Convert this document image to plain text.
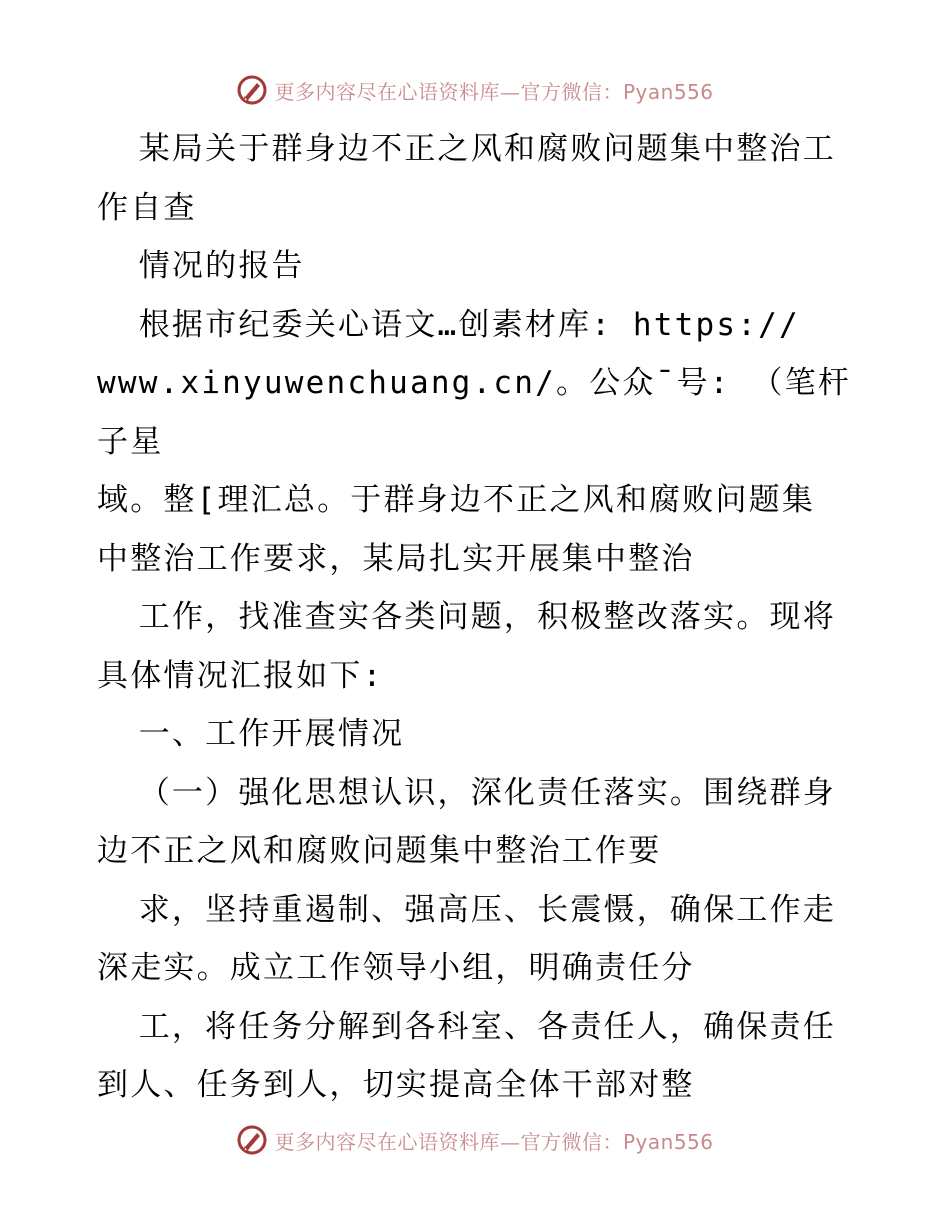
更多内容尽在心语资料库—官方微信：Pyan556

某局关于群身边不正之风和腐败问题集中整治工

作自查

情况的报告

根据市纪委关心语文…创素材库: https://

www.xinyuwenchuang.cn/。公众¯号: （笔杆子星

域。整[理汇总。于群身边不正之风和腐败问题集

中整治工作要求，某局扎实开展集中整治

工作，找准查实各类问题，积极整改落实。现将

具体情况汇报如下:

一、工作开展情况

（一）强化思想认识，深化责任落实。围绕群身

边不正之风和腐败问题集中整治工作要

求，坚持重遏制、强高压、长震慑，确保工作走

深走实。成立工作领导小组，明确责任分

工，将任务分解到各科室、各责任人，确保责任

到人、任务到人，切实提高全体干部对整

更多内容尽在心语资料库—官方微信：Pyan556
